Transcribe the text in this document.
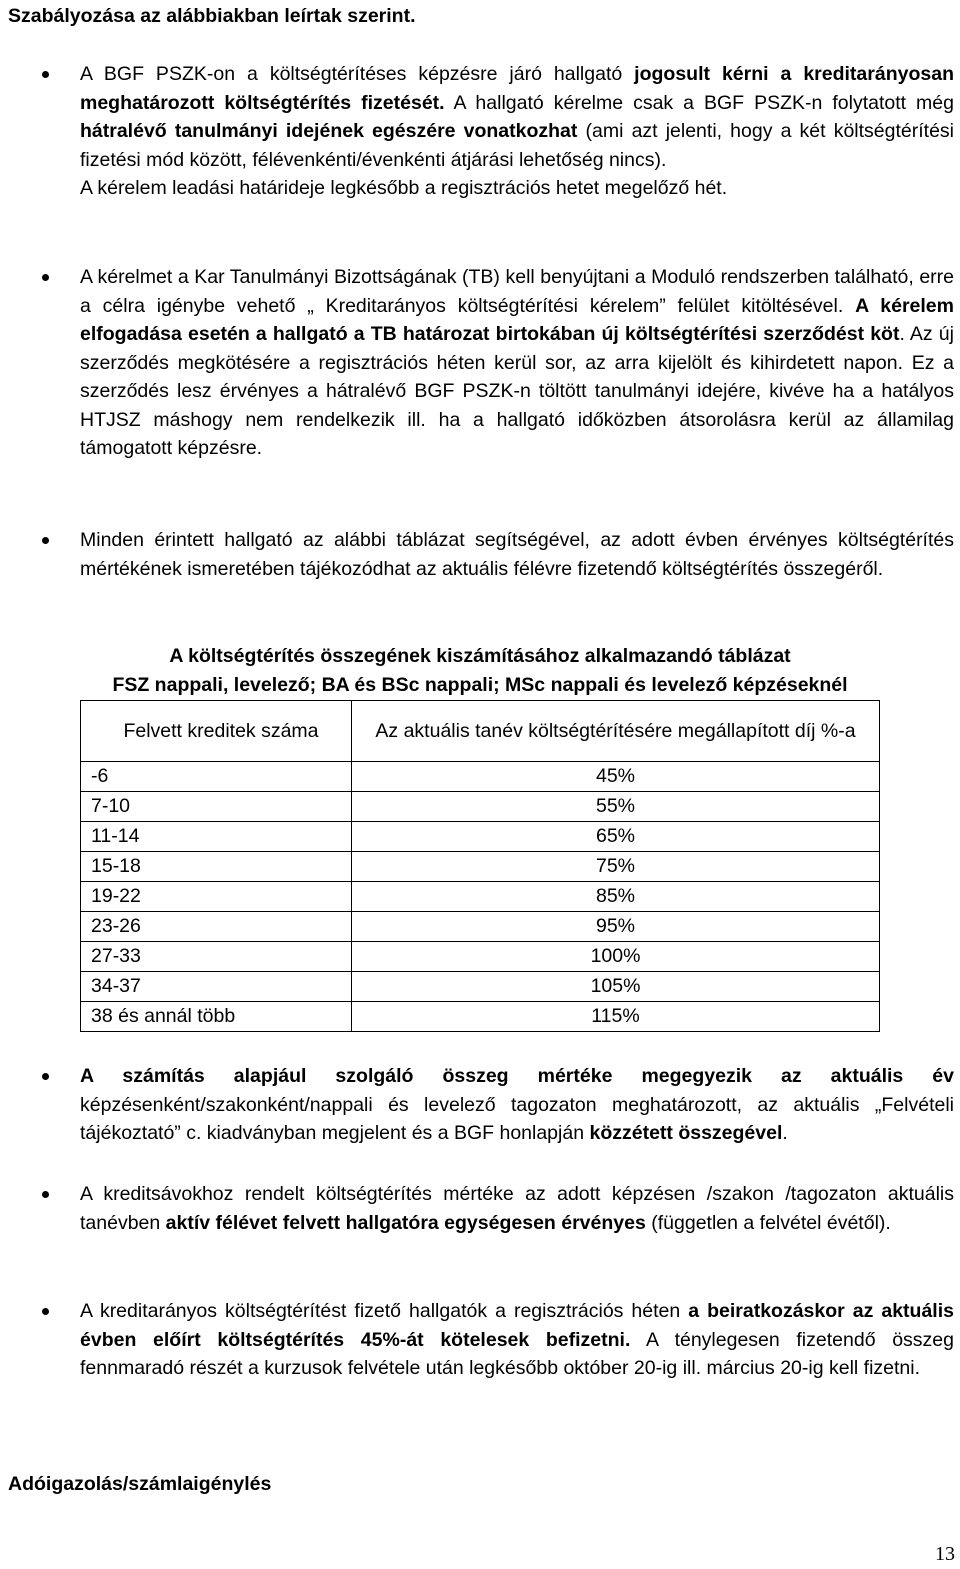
Szabályozása az alábbiakban leírtak szerint.
A BGF PSZK-on a költségtérítéses képzésre járó hallgató jogosult kérni a kreditarányosan meghatározott költségtérítés fizetését. A hallgató kérelme csak a BGF PSZK-n folytatott még hátralévő tanulmányi idejének egészére vonatkozhat (ami azt jelenti, hogy a két költségtérítési fizetési mód között, félévenkénti/évenkénti átjárási lehetőség nincs).
A kérelem leadási határideje legkésőbb a regisztrációs hetet megelőző hét.
A kérelmet a Kar Tanulmányi Bizottságának (TB) kell benyújtani a Moduló rendszerben található, erre a célra igénybe vehető „ Kreditarányos költségtérítési kérelem” felület kitöltésével. A kérelem elfogadása esetén a hallgató a TB határozat birtokában új költségtérítési szerződést köt. Az új szerződés megkötésére a regisztrációs héten kerül sor, az arra kijelölt és kihirdetett napon. Ez a szerződés lesz érvényes a hátralévő BGF PSZK-n töltött tanulmányi idejére, kivéve ha a hatályos HTJSZ máshogy nem rendelkezik ill. ha a hallgató időközben átsorolásra kerül az államilag támogatott képzésre.
Minden érintett hallgató az alábbi táblázat segítségével, az adott évben érvényes költségtérítés mértékének ismeretében tájékozódhat az aktuális félévre fizetendő költségtérítés összegéről.
A költségtérítés összegének kiszámításához alkalmazandó táblázat
FSZ nappali, levelező; BA és BSc nappali; MSc nappali és levelező képzéseknél
Felvett kreditek száma	Az aktuális tanév költségtérítésére megállapított díj %-a
-6	45%
7-10	55%
11-14	65%
15-18	75%
19-22	85%
23-26	95%
27-33	100%
34-37	105%
38 és annál több	115%
A számítás alapjául szolgáló összeg mértéke megegyezik az aktuális év képzésenként/szakonként/nappali és levelező tagozaton meghatározott, az aktuális „Felvételi tájékoztató” c. kiadványban megjelent és a BGF honlapján közzétett összegével.
A kreditsávokhoz rendelt költségtérítés mértéke az adott képzésen /szakon /tagozaton aktuális tanévben aktív félévet felvett hallgatóra egységesen érvényes (független a felvétel évétől).
A kreditarányos költségtérítést fizető hallgatók a regisztrációs héten a beiratkozáskor az aktuális évben előírt költségtérítés 45%-át kötelesek befizetni. A ténylegesen fizetendő összeg fennmaradó részét a kurzusok felvétele után legkésőbb október 20-ig ill. március 20-ig kell fizetni.
Adóigazolás/számlaigénylés
13
